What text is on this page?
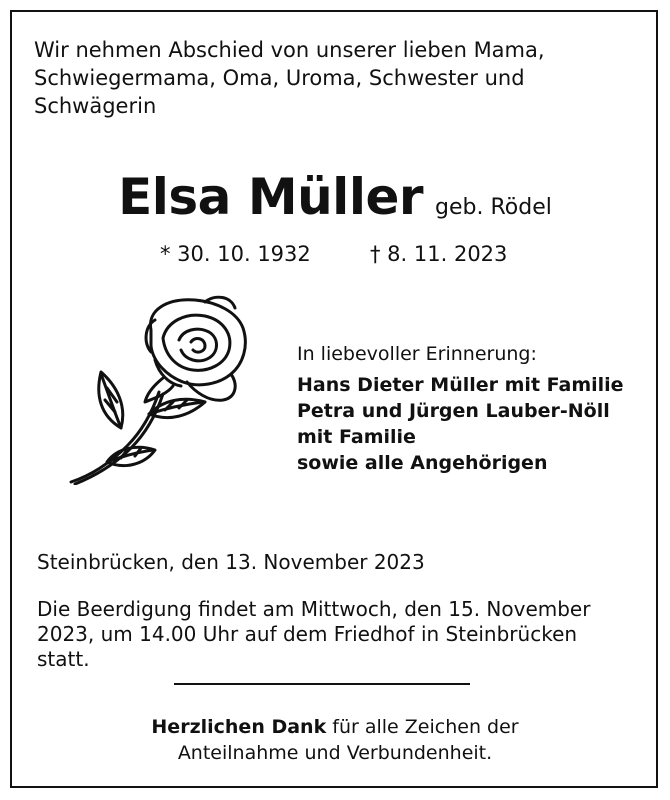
Wir nehmen Abschied von unserer lieben Mama,
Schwiegermama, Oma, Uroma, Schwester und
Schwägerin
Elsa Müller geb. Rödel
* 30. 10. 1932	† 8. 11. 2023
In liebevoller Erinnerung:
Hans Dieter Müller mit Familie
Petra und Jürgen Lauber-Nöll
mit Familie
sowie alle Angehörigen
Steinbrücken, den 13. November 2023
Die Beerdigung findet am Mittwoch, den 15. November
2023, um 14.00 Uhr auf dem Friedhof in Steinbrücken
statt.
Herzlichen Dank für alle Zeichen der
Anteilnahme und Verbundenheit.
